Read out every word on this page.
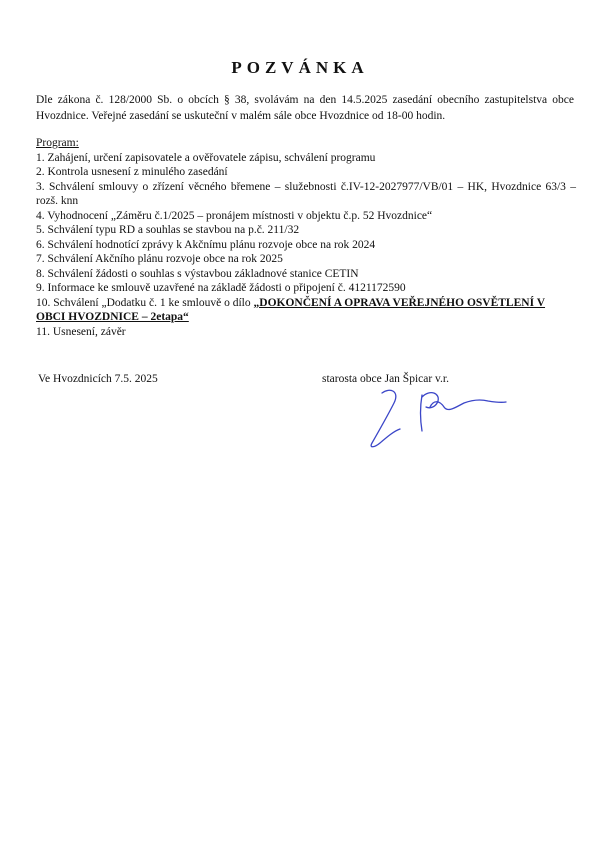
POZVÁNKA

Dle zákona č. 128/2000 Sb. o obcích § 38, svolávám na den 14.5.2025 zasedání obecního zastupitelstva obce Hvozdnice. Veřejné zasedání se uskuteční v malém sále obce Hvozdnice od 18-00 hodin.

Program:

1. Zahájení, určení zapisovatele a ověřovatele zápisu, schválení programu
2. Kontrola usnesení z minulého zasedání
3. Schválení smlouvy o zřízení věcného břemene – služebnosti č.IV-12-2027977/VB/01 – HK, Hvozdnice 63/3 – rozš. knn
4. Vyhodnocení „Záměru č.1/2025 – pronájem místnosti v objektu č.p. 52 Hvozdnice“
5. Schválení typu RD a souhlas se stavbou na p.č. 211/32
6. Schválení hodnotící zprávy k Akčnímu plánu rozvoje obce na rok 2024
7. Schválení Akčního plánu rozvoje obce na rok 2025
8. Schválení žádosti o souhlas s výstavbou základnové stanice CETIN
9. Informace ke smlouvě uzavřené na základě žádosti o připojení č. 4121172590
10. Schválení „Dodatku č. 1 ke smlouvě o dílo „DOKONČENÍ A OPRAVA VEŘEJNÉHO OSVĚTLENÍ V OBCI HVOZDNICE – 2etapa“
11. Usnesení, závěr
Ve Hvozdnicích 7.5. 2025	starosta obce Jan Špicar v.r.
